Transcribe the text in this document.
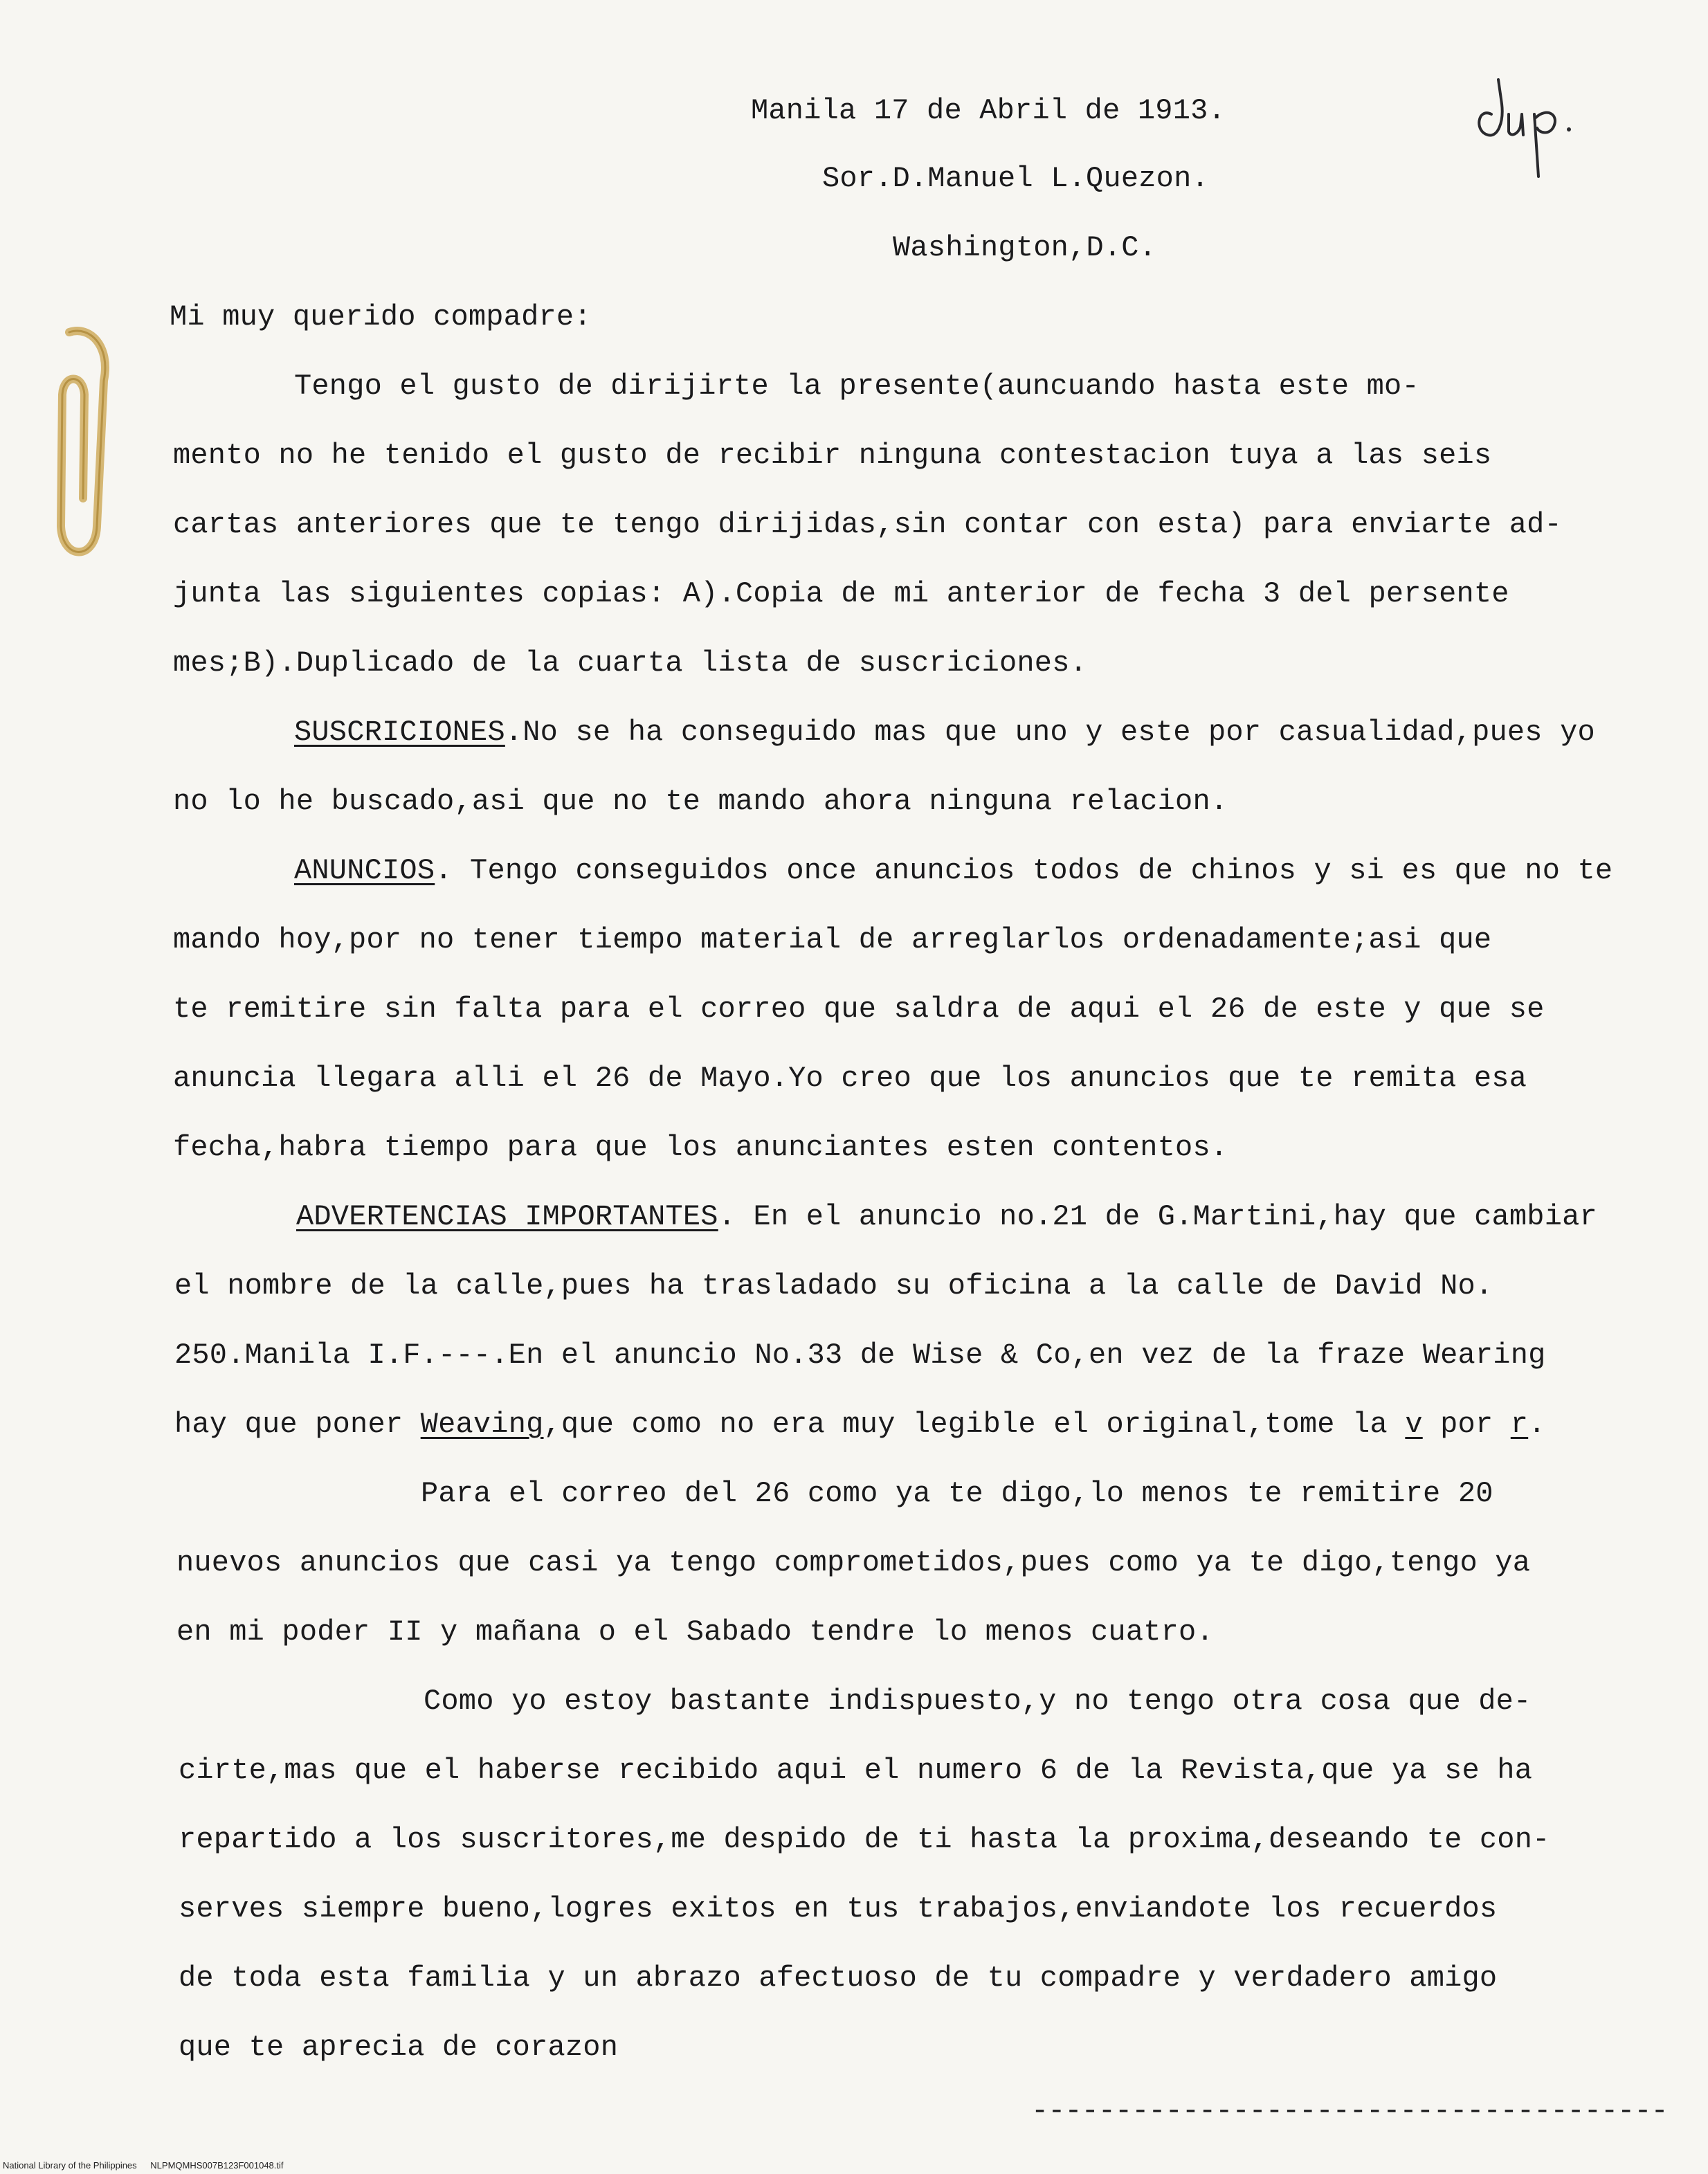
Manila 17 de Abril de 1913.
Sor.D.Manuel L.Quezon.
Washington,D.C.
Mi muy querido compadre:
Tengo el gusto de dirijirte la presente(auncuando hasta este mo-
mento no he tenido el gusto de recibir ninguna contestacion tuya a las seis
cartas anteriores que te tengo dirijidas,sin contar con esta) para enviarte ad-
junta las siguientes copias: A).Copia de mi anterior de fecha 3 del persente
mes;B).Duplicado de la cuarta lista de suscriciones.
SUSCRICIONES.No se ha conseguido mas que uno y este por casualidad,pues yo
no lo he buscado,asi que no te mando ahora ninguna relacion.
ANUNCIOS. Tengo conseguidos once anuncios todos de chinos y si es que no te
mando hoy,por no tener tiempo material de arreglarlos ordenadamente;asi que
te remitire sin falta para el correo que saldra de aqui el 26 de este y que se
anuncia llegara alli el 26 de Mayo.Yo creo que los anuncios que te remita esa
fecha,habra tiempo para que los anunciantes esten contentos.
ADVERTENCIAS IMPORTANTES. En el anuncio no.21 de G.Martini,hay que cambiar
el nombre de la calle,pues ha trasladado su oficina a la calle de David No.
250.Manila I.F.---.En el anuncio No.33 de Wise & Co,en vez de la fraze Wearing
hay que poner Weaving,que como no era muy legible el original,tome la v por r.
Para el correo del 26 como ya te digo,lo menos te remitire 20
nuevos anuncios que casi ya tengo comprometidos,pues como ya te digo,tengo ya
en mi poder II y mañana o el Sabado tendre lo menos cuatro.
Como yo estoy bastante indispuesto,y no tengo otra cosa que de-
cirte,mas que el haberse recibido aqui el numero 6 de la Revista,que ya se ha
repartido a los suscritores,me despido de ti hasta la proxima,deseando te con-
serves siempre bueno,logres exitos en tus trabajos,enviandote los recuerdos
de toda esta familia y un abrazo afectuoso de tu compadre y verdadero amigo
que te aprecia de corazon
--------------------------------------
National Library of the Philippines NLPMQMHS007B123F001048.tif
